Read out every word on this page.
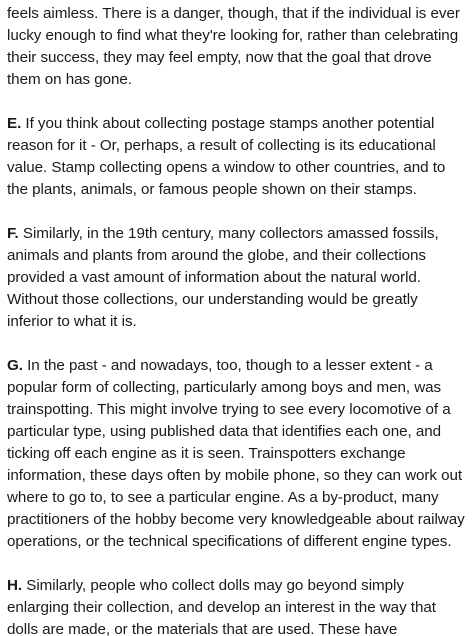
feels aimless. There is a danger, though, that if the individual is ever lucky enough to find what they're looking for, rather than celebrating their success, they may feel empty, now that the goal that drove them on has gone.

E. If you think about collecting postage stamps another potential reason for it - Or, perhaps, a result of collecting is its educational value. Stamp collecting opens a window to other countries, and to the plants, animals, or famous people shown on their stamps.

F. Similarly, in the 19th century, many collectors amassed fossils, animals and plants from around the globe, and their collections provided a vast amount of information about the natural world. Without those collections, our understanding would be greatly inferior to what it is.

G. In the past - and nowadays, too, though to a lesser extent - a popular form of collecting, particularly among boys and men, was trainspotting. This might involve trying to see every locomotive of a particular type, using published data that identifies each one, and ticking off each engine as it is seen. Trainspotters exchange information, these days often by mobile phone, so they can work out where to go to, to see a particular engine. As a by-product, many practitioners of the hobby become very knowledgeable about railway operations, or the technical specifications of different engine types.

H. Similarly, people who collect dolls may go beyond simply enlarging their collection, and develop an interest in the way that dolls are made, or the materials that are used. These have
